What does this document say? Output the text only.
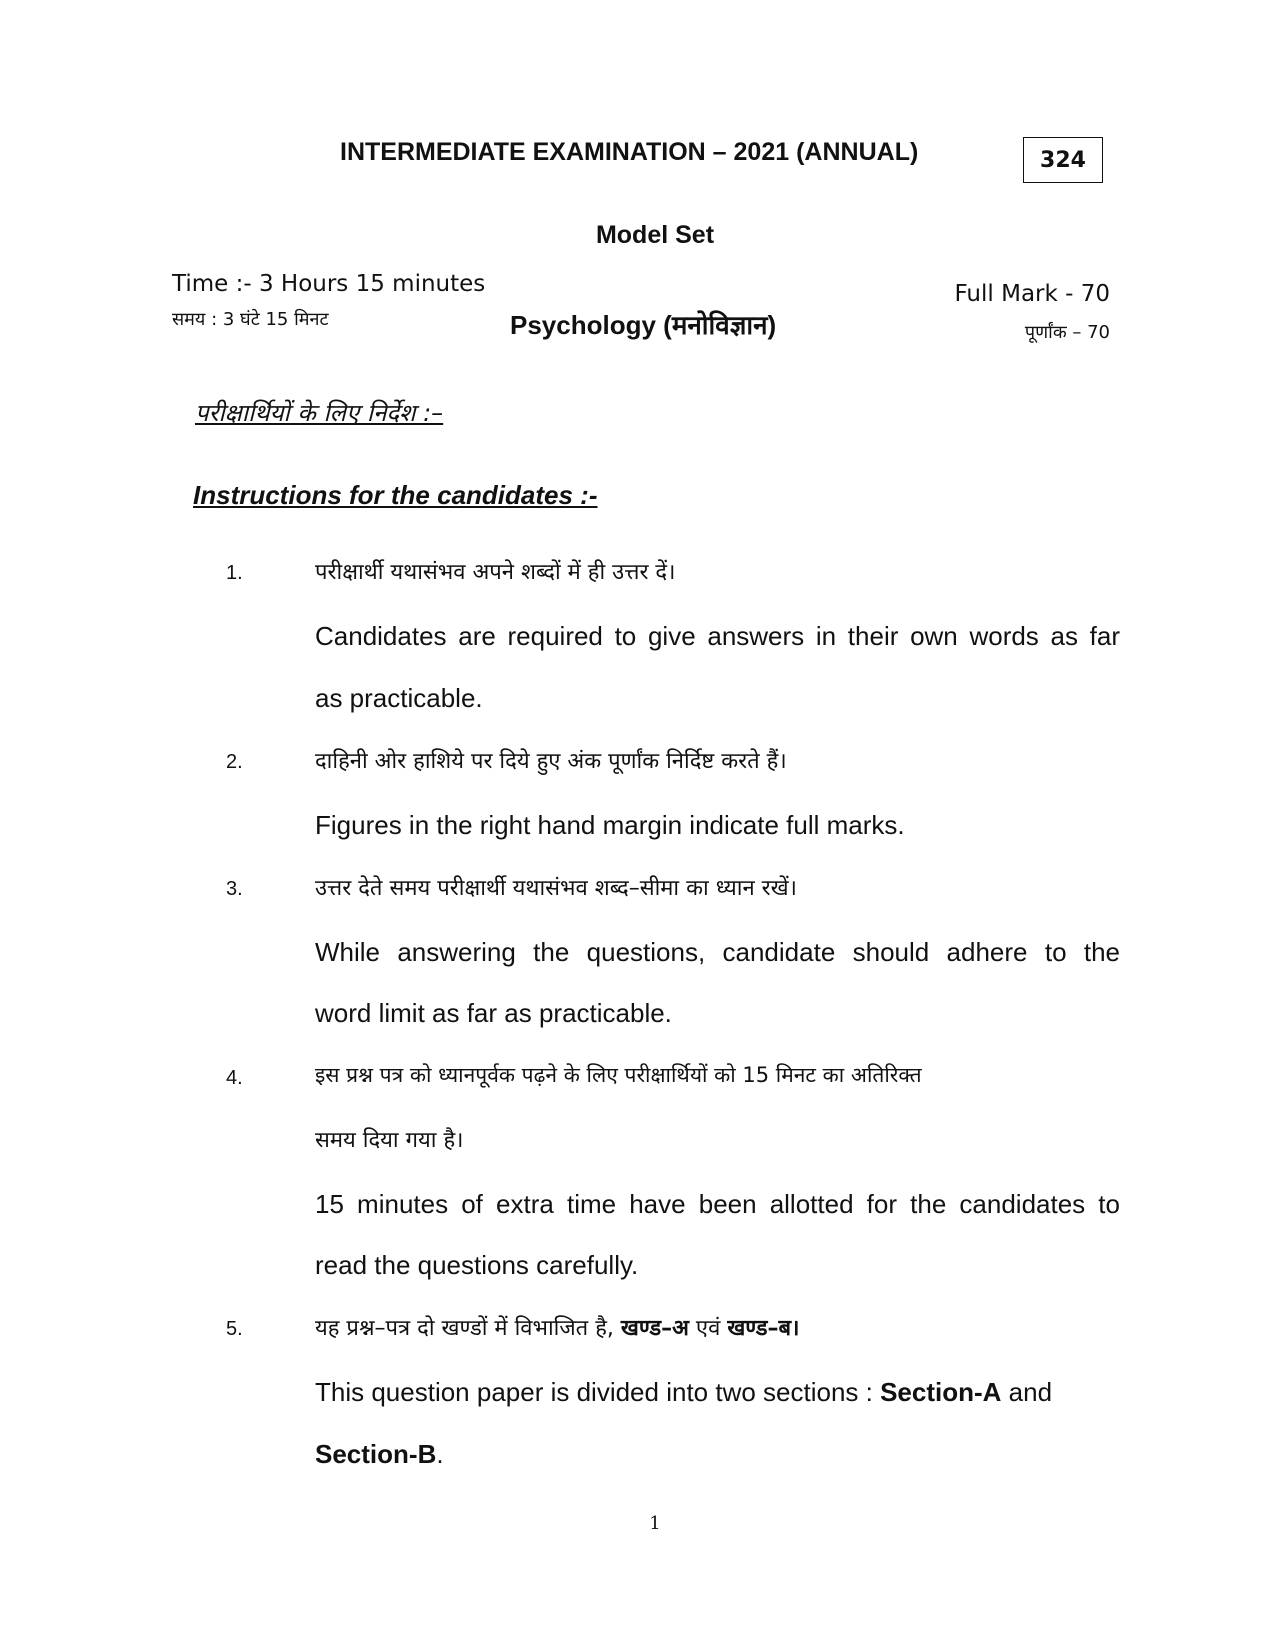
INTERMEDIATE EXAMINATION – 2021 (ANNUAL)	324
Model Set
Time :- 3 Hours 15 minutes
समय : 3 घंटे 15 मिनट	Psychology (मनोविज्ञान)
Full Mark - 70
पूर्णांक – 70
परीक्षार्थियों के लिए निर्देश :–
Instructions for the candidates :-
1.	परीक्षार्थी यथासंभव अपने शब्दों में ही उत्तर दें।
Candidates are required to give answers in their own words as far
as practicable.
2.	दाहिनी ओर हाशिये पर दिये हुए अंक पूर्णांक निर्दिष्ट करते हैं।
Figures in the right hand margin indicate full marks.
3.	उत्तर देते समय परीक्षार्थी यथासंभव शब्द–सीमा का ध्यान रखें।
While answering the questions, candidate should adhere to the
word limit as far as practicable.
4.	इस प्रश्न पत्र को ध्यानपूर्वक पढ़ने के लिए परीक्षार्थियों को 15 मिनट का अतिरिक्त
समय दिया गया है।
15 minutes of extra time have been allotted for the candidates to
read the questions carefully.
5.	यह प्रश्न–पत्र दो खण्डों में विभाजित है, खण्ड–अ एवं खण्ड–ब।
This question paper is divided into two sections : Section-A and
Section-B.
1
